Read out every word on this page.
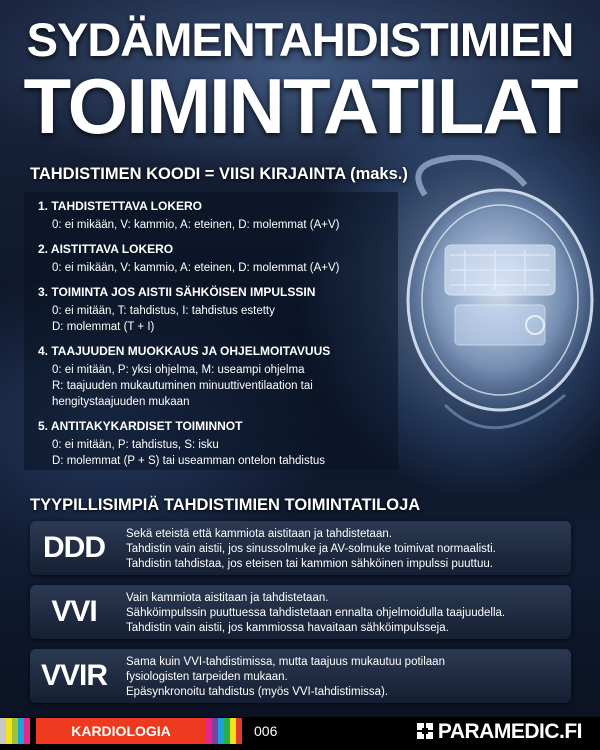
SYDÄMENTAHDISTIMIEN
TOIMINTATILAT
TAHDISTIMEN KOODI = VIISI KIRJAINTA (maks.)
1. TAHDISTETTAVA LOKERO
0: ei mikään, V: kammio, A: eteinen, D: molemmat (A+V)
2. AISTITTAVA LOKERO
0: ei mikään, V: kammio, A: eteinen, D: molemmat (A+V)
3. TOIMINTA JOS AISTII SÄHKÖISEN IMPULSSIN
0: ei mitään, T: tahdistus, I: tahdistus estetty
D: molemmat (T + I)
4. TAAJUUDEN MUOKKAUS JA OHJELMOITAVUUS
0: ei mitään, P: yksi ohjelma, M: useampi ohjelma
R: taajuuden mukautuminen minuuttiventilaation tai
hengitystaajuuden mukaan
5. ANTITAKYKARDISET TOIMINNOT
0: ei mitään, P: tahdistus, S: isku
D: molemmat (P + S) tai useamman ontelon tahdistus
TYYPILLISIMPIÄ TAHDISTIMIEN TOIMINTATILOJA
DDD	Sekä eteistä että kammiota aistitaan ja tahdistetaan.
Tahdistin vain aistii, jos sinussolmuke ja AV-solmuke toimivat normaalisti.
Tahdistin tahdistaa, jos eteisen tai kammion sähköinen impulssi puuttuu.
VVI	Vain kammiota aistitaan ja tahdistetaan.
Sähköimpulssin puuttuessa tahdistetaan ennalta ohjelmoidulla taajuudella.
Tahdistin vain aistii, jos kammiossa havaitaan sähköimpulsseja.
VVIR	Sama kuin VVI-tahdistimissa, mutta taajuus mukautuu potilaan
fysiologisten tarpeiden mukaan.
Epäsynkronoitu tahdistus (myös VVI-tahdistimissa).
KARDIOLOGIA	006	PARAMEDIC.FI
